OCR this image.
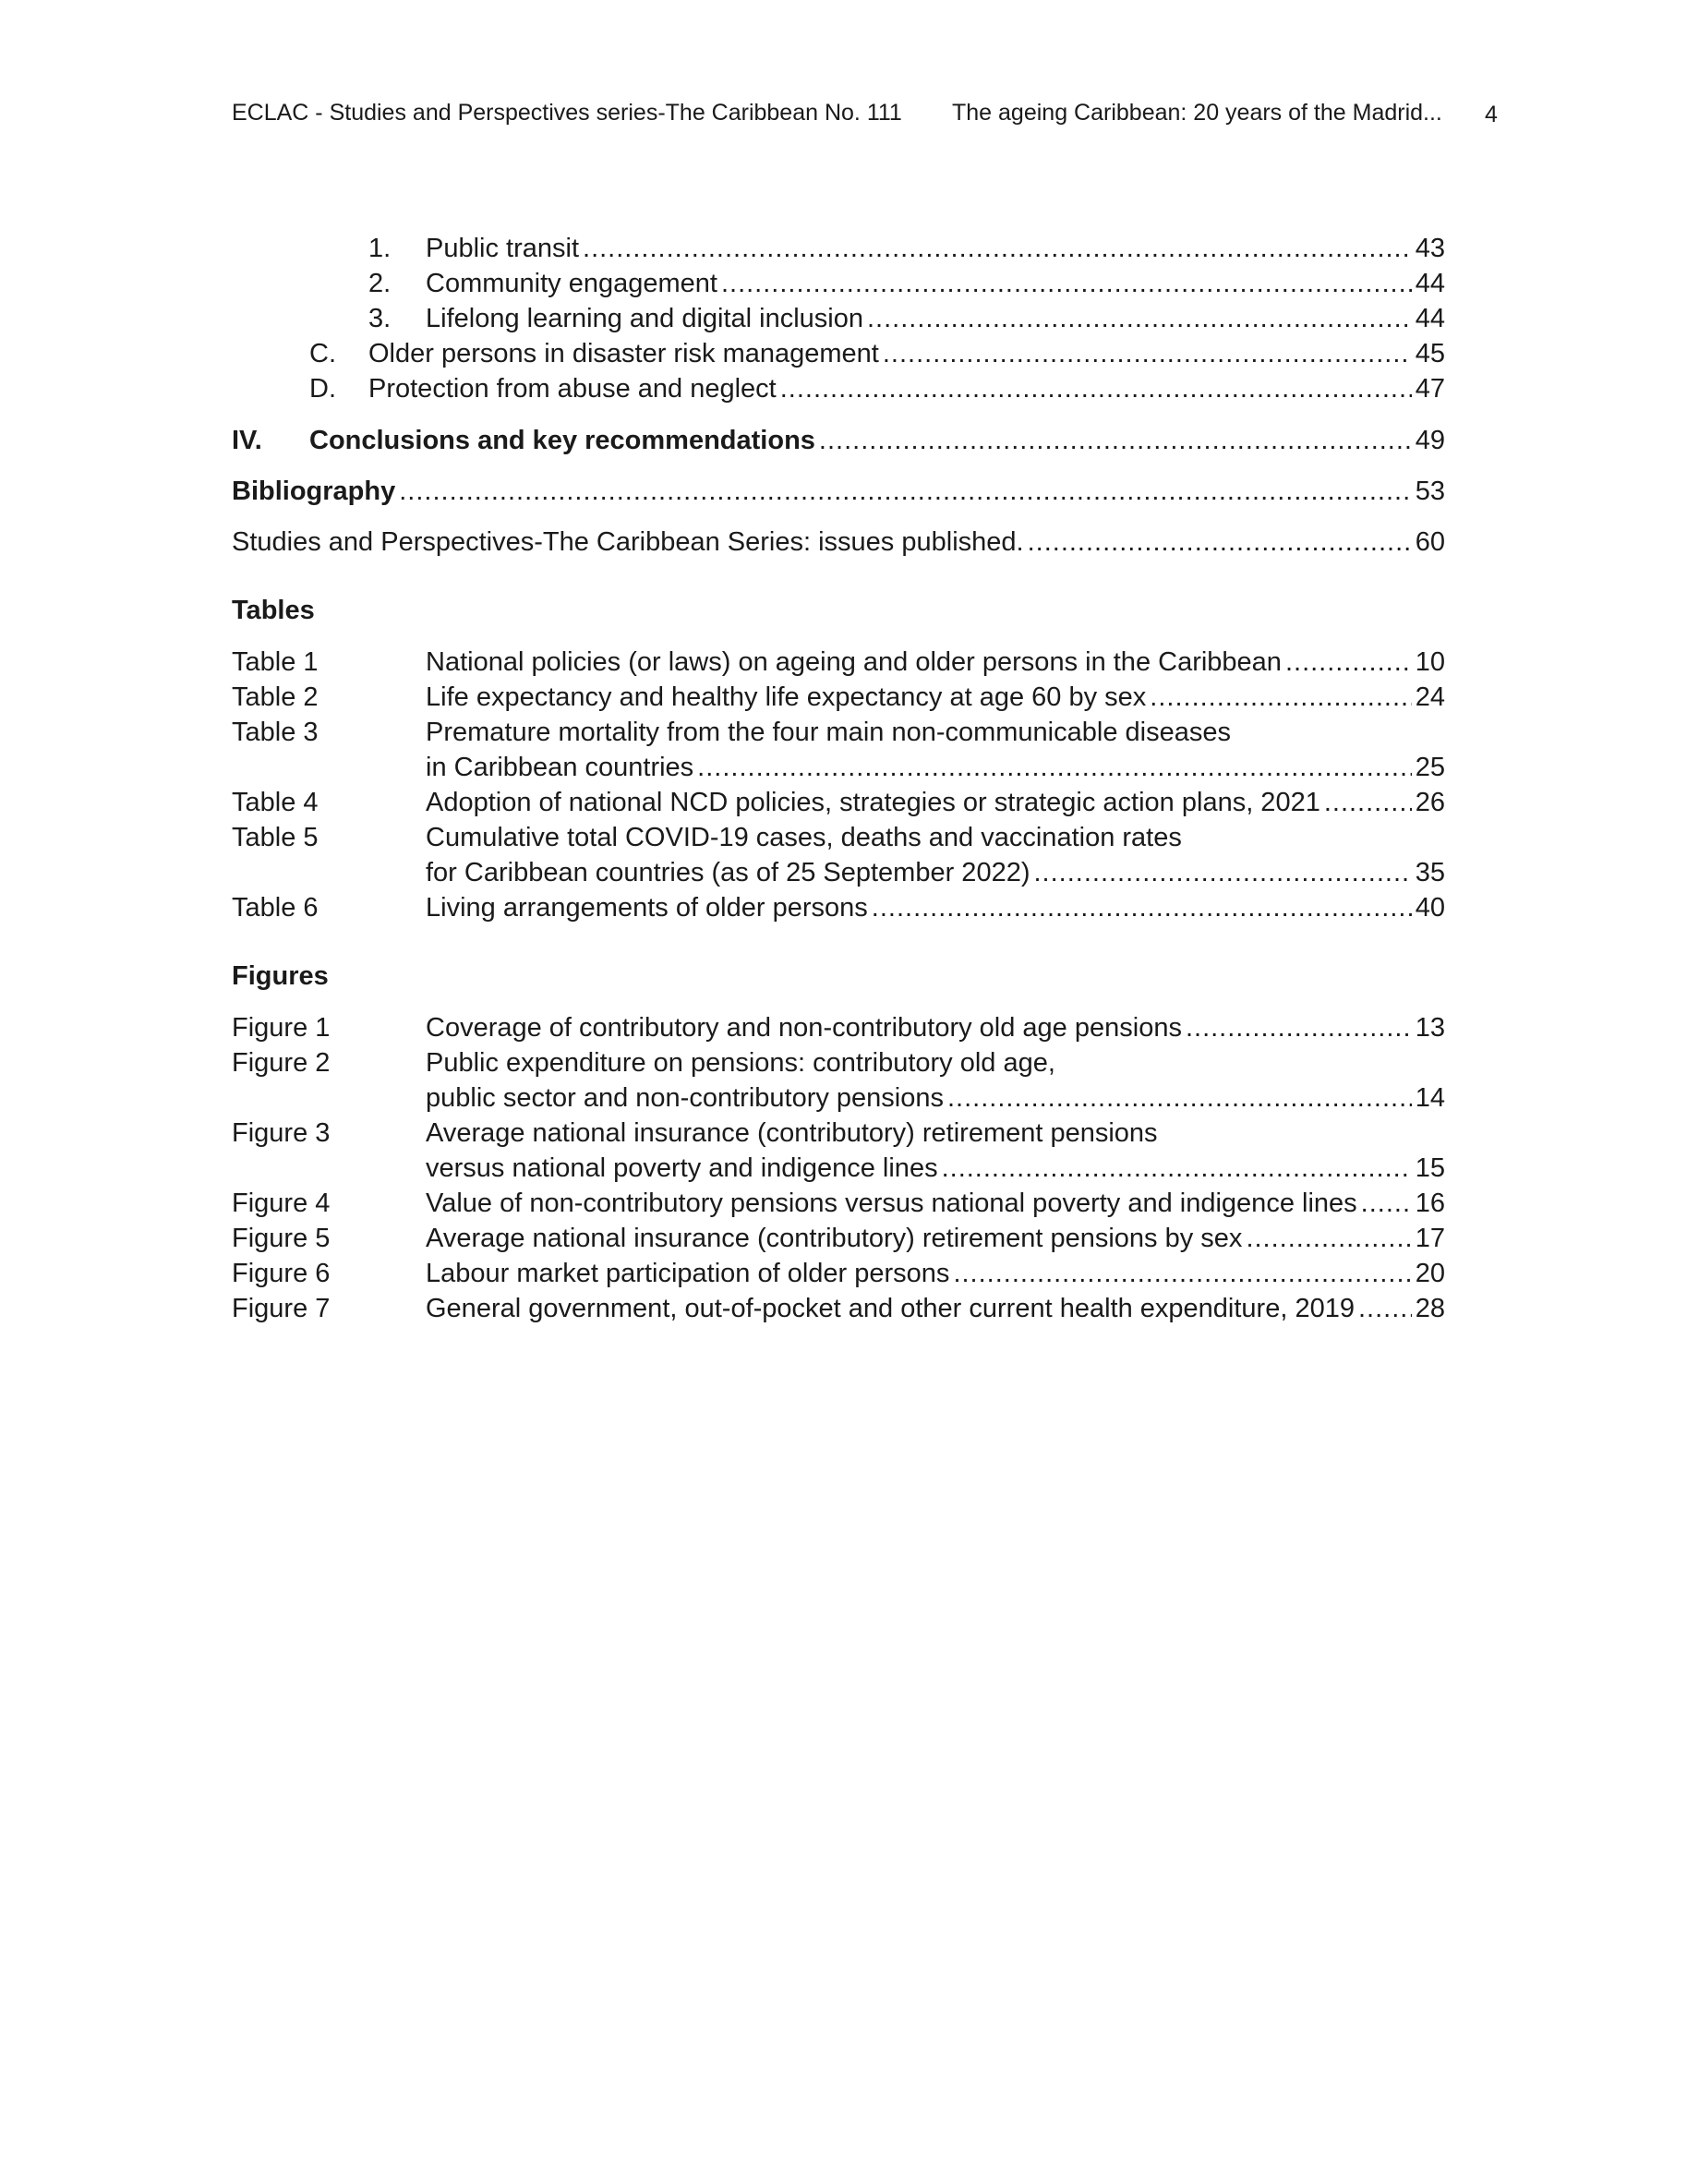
ECLAC - Studies and Perspectives series-The Caribbean No. 111 The ageing Caribbean: 20 years of the Madrid... 4
1. Public transit .....	43
2. Community engagement .....	44
3. Lifelong learning and digital inclusion .....	44
C. Older persons in disaster risk management .....	45
D. Protection from abuse and neglect .....	47
IV. Conclusions and key recommendations .....	49
Bibliography .....	53
Studies and Perspectives-The Caribbean Series: issues published. .....	60
Tables
Table 1	National policies (or laws) on ageing and older persons in the Caribbean .....	10
Table 2	Life expectancy and healthy life expectancy at age 60 by sex .....	24
Table 3	Premature mortality from the four main non-communicable diseases
in Caribbean countries .....	25
Table 4	Adoption of national NCD policies, strategies or strategic action plans, 2021 .....	26
Table 5	Cumulative total COVID-19 cases, deaths and vaccination rates
for Caribbean countries (as of 25 September 2022) .....	35
Table 6	Living arrangements of older persons .....	40
Figures
Figure 1	Coverage of contributory and non-contributory old age pensions .....	13
Figure 2	Public expenditure on pensions: contributory old age,
public sector and non-contributory pensions .....	14
Figure 3	Average national insurance (contributory) retirement pensions
versus national poverty and indigence lines .....	15
Figure 4	Value of non-contributory pensions versus national poverty and indigence lines ..... 16
Figure 5	Average national insurance (contributory) retirement pensions by sex .....	17
Figure 6	Labour market participation of older persons .....	20
Figure 7	General government, out-of-pocket and other current health expenditure, 2019 ..... 28
